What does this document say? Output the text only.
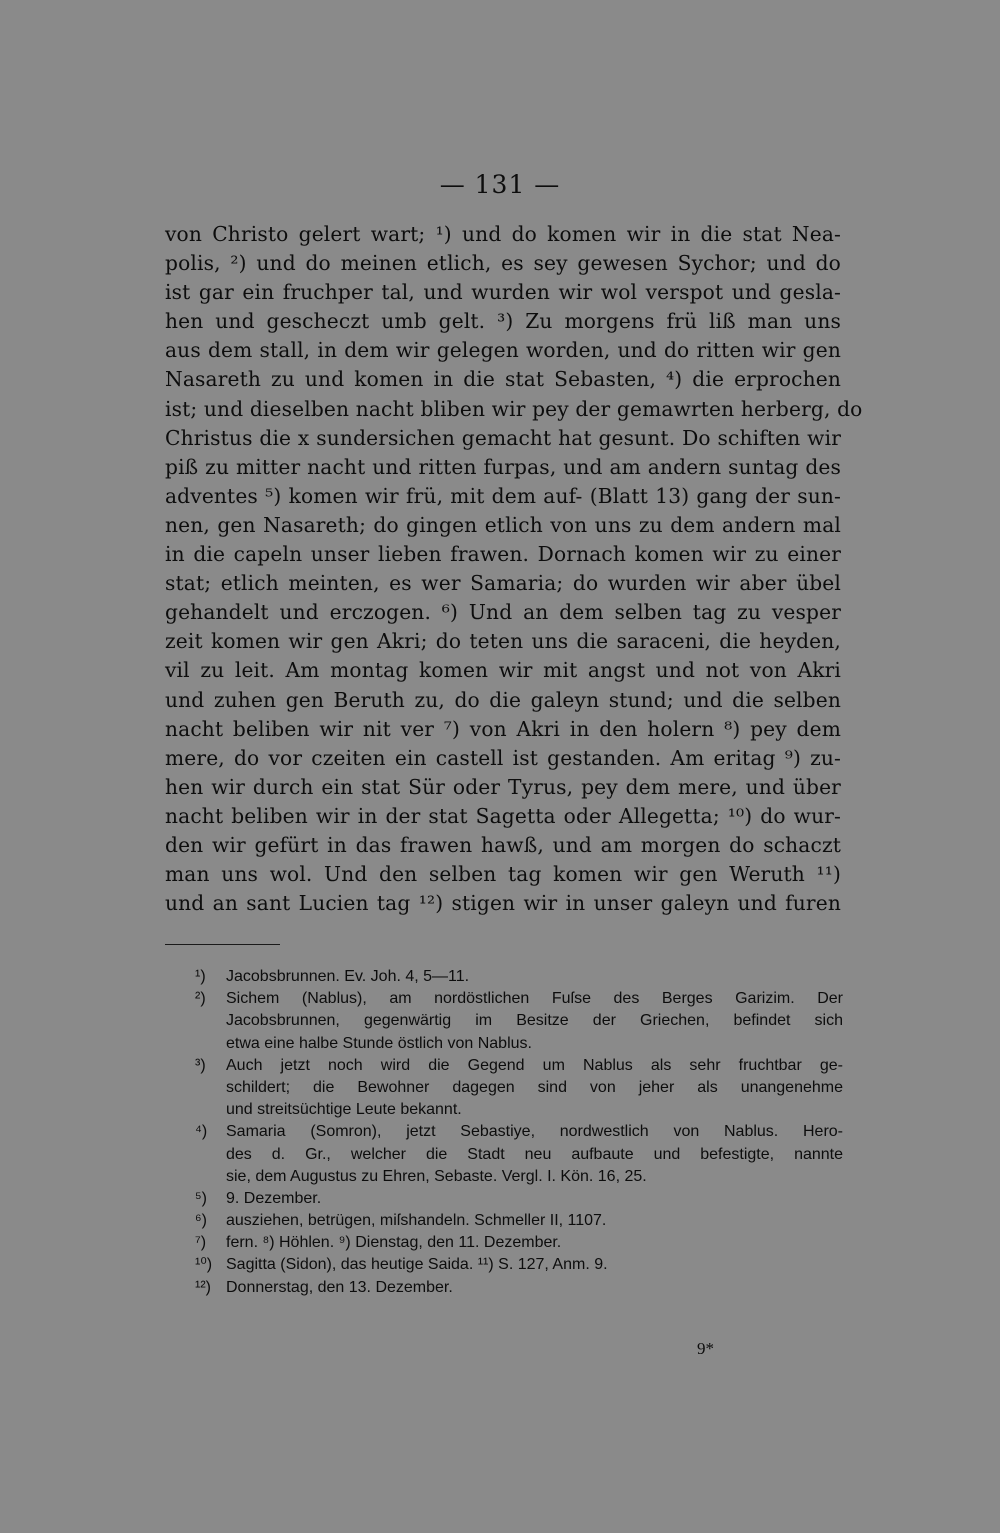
— 131 —
von Christo gelert wart; ¹) und do komen wir in die stat Nea-
polis, ²) und do meinen etlich, es sey gewesen Sychor; und do
ist gar ein fruchper tal, und wurden wir wol verspot und gesla-
hen und gescheczt umb gelt. ³) Zu morgens frü liß man uns
aus dem stall, in dem wir gelegen worden, und do ritten wir gen
Nasareth zu und komen in die stat Sebasten, ⁴) die erprochen
ist; und dieselben nacht bliben wir pey der gemawrten herberg, do
Christus die x sundersichen gemacht hat gesunt. Do schiften wir
piß zu mitter nacht und ritten furpas, und am andern suntag des
adventes ⁵) komen wir frü, mit dem auf- (Blatt 13) gang der sun-
nen, gen Nasareth; do gingen etlich von uns zu dem andern mal
in die capeln unser lieben frawen. Dornach komen wir zu einer
stat; etlich meinten, es wer Samaria; do wurden wir aber übel
gehandelt und erczogen. ⁶) Und an dem selben tag zu vesper
zeit komen wir gen Akri; do teten uns die saraceni, die heyden,
vil zu leit. Am montag komen wir mit angst und not von Akri
und zuhen gen Beruth zu, do die galeyn stund; und die selben
nacht beliben wir nit ver ⁷) von Akri in den holern ⁸) pey dem
mere, do vor czeiten ein castell ist gestanden. Am eritag ⁹) zu-
hen wir durch ein stat Sür oder Tyrus, pey dem mere, und über
nacht beliben wir in der stat Sagetta oder Allegetta; ¹⁰) do wur-
den wir gefürt in das frawen hawß, und am morgen do schaczt
man uns wol. Und den selben tag komen wir gen Weruth ¹¹)
und an sant Lucien tag ¹²) stigen wir in unser galeyn und furen
¹) Jacobsbrunnen. Ev. Joh. 4, 5—11.
²) Sichem (Nablus), am nordöstlichen Fuſse des Berges Garizim. Der
Jacobsbrunnen, gegenwärtig im Besitze der Griechen, befindet sich
etwa eine halbe Stunde östlich von Nablus.
³) Auch jetzt noch wird die Gegend um Nablus als sehr fruchtbar ge-
schildert; die Bewohner dagegen sind von jeher als unangenehme
und streitsüchtige Leute bekannt.
⁴) Samaria (Somron), jetzt Sebastiye, nordwestlich von Nablus. Hero-
des d. Gr., welcher die Stadt neu aufbaute und befestigte, nannte
sie, dem Augustus zu Ehren, Sebaste. Vergl. I. Kön. 16, 25.
⁵) 9. Dezember.
⁶) ausziehen, betrügen, miſshandeln. Schmeller II, 1107.
⁷) fern. ⁸) Höhlen. ⁹) Dienstag, den 11. Dezember.
¹⁰) Sagitta (Sidon), das heutige Saida. ¹¹) S. 127, Anm. 9.
¹²) Donnerstag, den 13. Dezember.
9*
